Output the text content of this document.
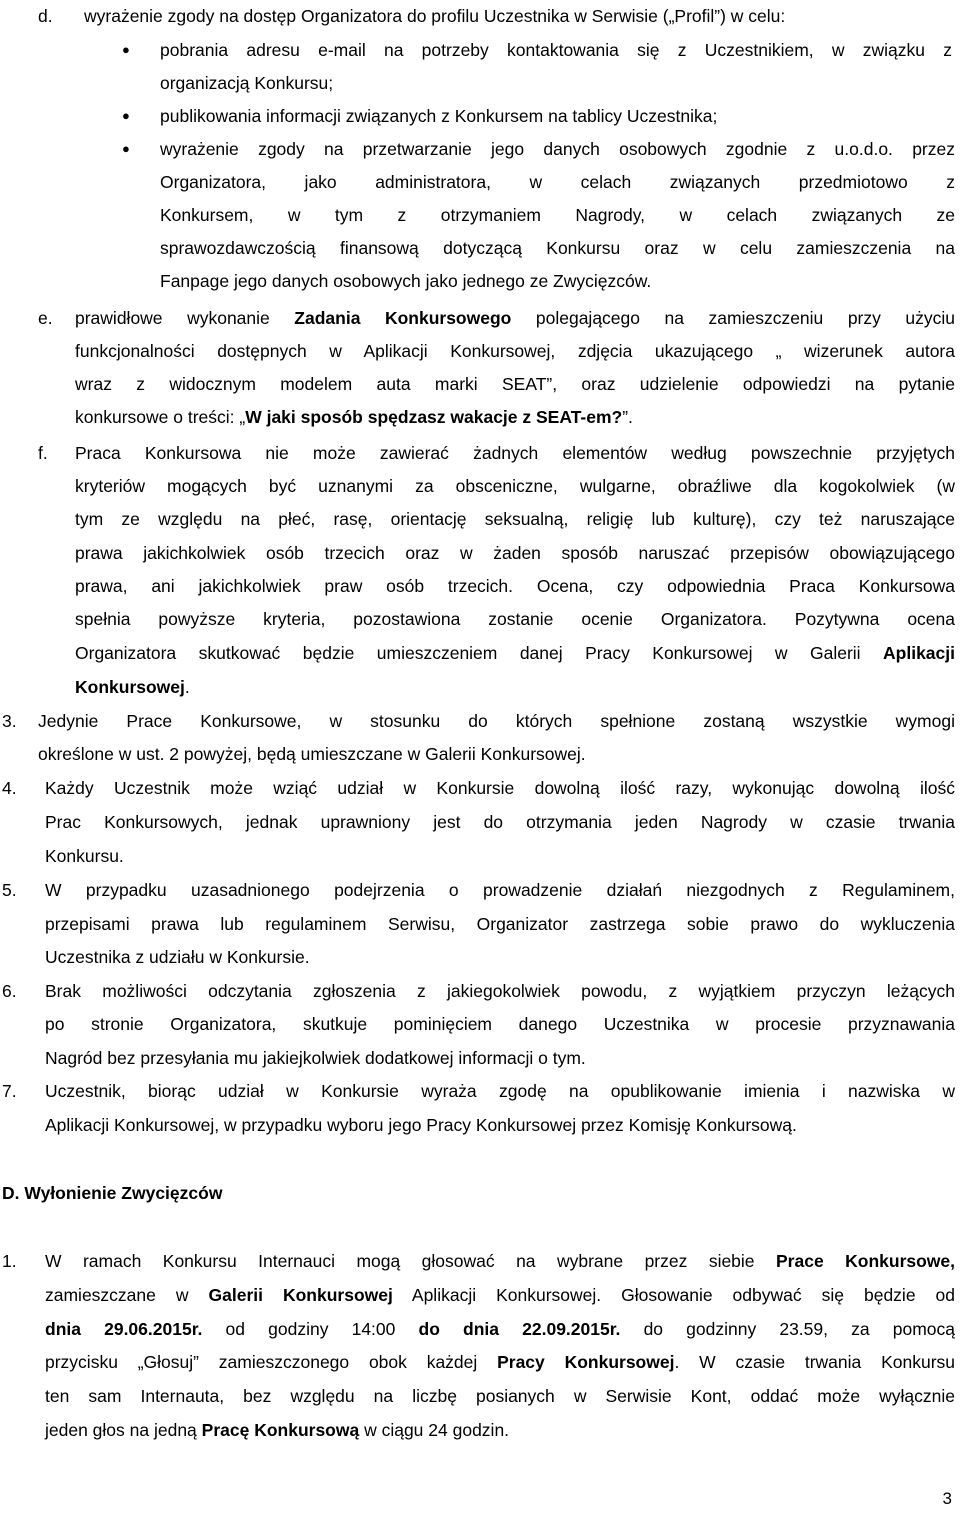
d. wyrażenie zgody na dostęp Organizatora do profilu Uczestnika w Serwisie („Profil”) w celu:
● pobrania adresu e-mail na potrzeby kontaktowania się z Uczestnikiem, w związku z
organizacją Konkursu;
● publikowania informacji związanych z Konkursem na tablicy Uczestnika;
● wyrażenie zgody na przetwarzanie jego danych osobowych zgodnie z u.o.d.o. przez
Organizatora, jako administratora, w celach związanych przedmiotowo z
Konkursem, w tym z otrzymaniem Nagrody, w celach związanych ze
sprawozdawczością finansową dotyczącą Konkursu oraz w celu zamieszczenia na
Fanpage jego danych osobowych jako jednego ze Zwycięzców.
e. prawidłowe wykonanie Zadania Konkursowego polegającego na zamieszczeniu przy użyciu
funkcjonalności dostępnych w Aplikacji Konkursowej, zdjęcia ukazującego „ wizerunek autora
wraz z widocznym modelem auta marki SEAT”, oraz udzielenie odpowiedzi na pytanie
konkursowe o treści: „W jaki sposób spędzasz wakacje z SEAT-em?”.
f. Praca Konkursowa nie może zawierać żadnych elementów według powszechnie przyjętych
kryteriów mogących być uznanymi za obsceniczne, wulgarne, obraźliwe dla kogokolwiek (w
tym ze względu na płeć, rasę, orientację seksualną, religię lub kulturę), czy też naruszające
prawa jakichkolwiek osób trzecich oraz w żaden sposób naruszać przepisów obowiązującego
prawa, ani jakichkolwiek praw osób trzecich. Ocena, czy odpowiednia Praca Konkursowa
spełnia powyższe kryteria, pozostawiona zostanie ocenie Organizatora. Pozytywna ocena
Organizatora skutkować będzie umieszczeniem danej Pracy Konkursowej w Galerii Aplikacji
Konkursowej.
3. Jedynie Prace Konkursowe, w stosunku do których spełnione zostaną wszystkie wymogi
określone w ust. 2 powyżej, będą umieszczane w Galerii Konkursowej.
4. Każdy Uczestnik może wziąć udział w Konkursie dowolną ilość razy, wykonując dowolną ilość
Prac Konkursowych, jednak uprawniony jest do otrzymania jeden Nagrody w czasie trwania
Konkursu.
5. W przypadku uzasadnionego podejrzenia o prowadzenie działań niezgodnych z Regulaminem,
przepisami prawa lub regulaminem Serwisu, Organizator zastrzega sobie prawo do wykluczenia
Uczestnika z udziału w Konkursie.
6. Brak możliwości odczytania zgłoszenia z jakiegokolwiek powodu, z wyjątkiem przyczyn leżących
po stronie Organizatora, skutkuje pominięciem danego Uczestnika w procesie przyznawania
Nagród bez przesyłania mu jakiejkolwiek dodatkowej informacji o tym.
7. Uczestnik, biorąc udział w Konkursie wyraża zgodę na opublikowanie imienia i nazwiska w
Aplikacji Konkursowej, w przypadku wyboru jego Pracy Konkursowej przez Komisję Konkursową.
D. Wyłonienie Zwycięzców
1. W ramach Konkursu Internauci mogą głosować na wybrane przez siebie Prace Konkursowe,
zamieszczane w Galerii Konkursowej Aplikacji Konkursowej. Głosowanie odbywać się będzie od
dnia 29.06.2015r. od godziny 14:00 do dnia 22.09.2015r. do godzinny 23.59, za pomocą
przycisku „Głosuj” zamieszczonego obok każdej Pracy Konkursowej. W czasie trwania Konkursu
ten sam Internauta, bez względu na liczbę posianych w Serwisie Kont, oddać może wyłącznie
jeden głos na jedną Pracę Konkursową w ciągu 24 godzin.
3
